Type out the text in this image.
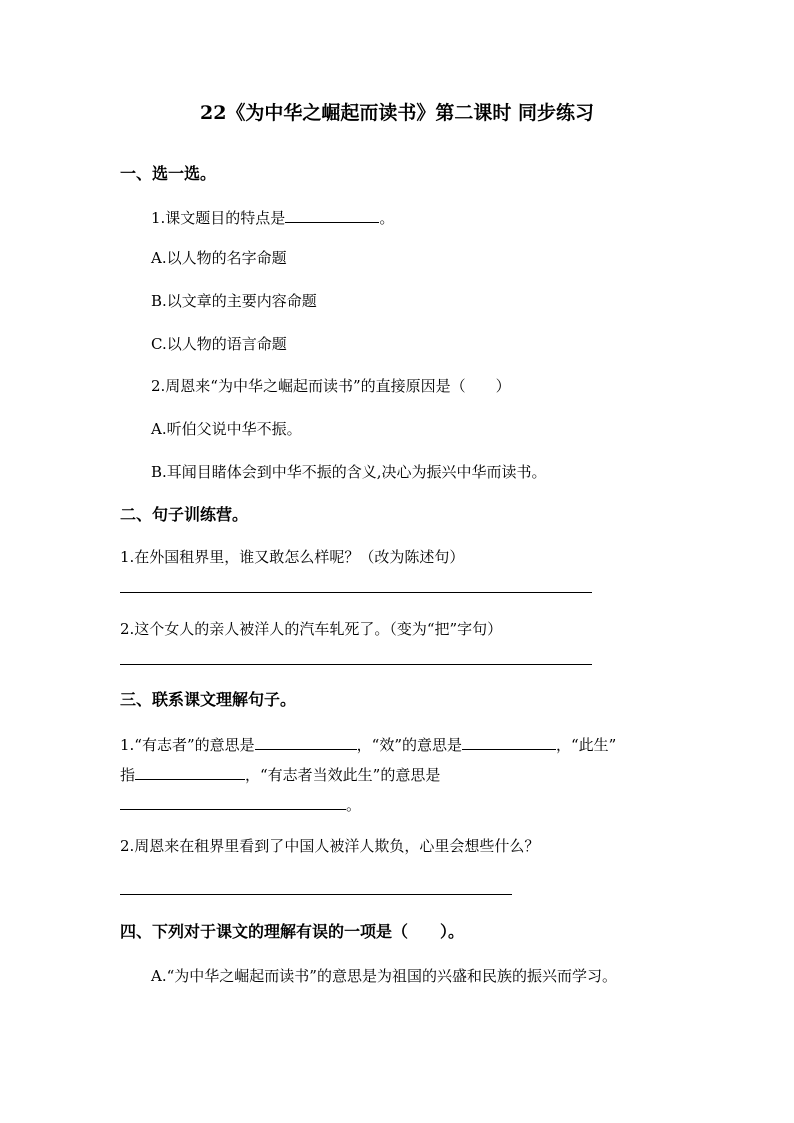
22《为中华之崛起而读书》第二课时 同步练习
一、选一选。
1.课文题目的特点是	。
A.以人物的名字命题
B.以文章的主要内容命题
C.以人物的语言命题
2.周恩来“为中华之崛起而读书”的直接原因是（　　）
A.听伯父说中华不振。
B.耳闻目睹体会到中华不振的含义,决心为振兴中华而读书。
二、句子训练营。
1.在外国租界里，谁又敢怎么样呢？（改为陈述句）
2.这个女人的亲人被洋人的汽车轧死了。（变为“把”字句）
三、联系课文理解句子。
1.“有志者”的意思是	，“效”的意思是	，“此生”
指	，“有志者当效此生”的意思是
。
2.周恩来在租界里看到了中国人被洋人欺负，心里会想些什么？
四、下列对于课文的理解有误的一项是（　　）。
A.“为中华之崛起而读书”的意思是为祖国的兴盛和民族的振兴而学习。
